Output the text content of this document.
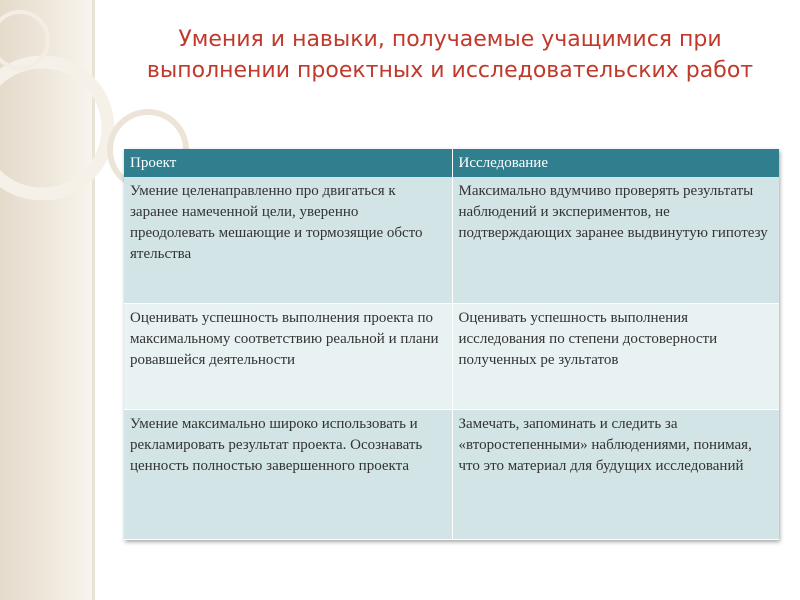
Умения и навыки, получаемые учащимися при выполнении проектных и исследовательских работ
Проект	Исследование
Умение целенаправленно про двигаться к заранее намеченной цели, уверенно преодолевать мешающие и тормозящие обсто ятельства	Максимально вдумчиво проверять результаты наблюдений и экспериментов, не подтверждающих заранее выдвинутую гипотезу
Оценивать успешность выполнения проекта по максимальному соответствию реальной и плани ровавшейся деятельности	Оценивать успешность выполнения исследования по степени достоверности полученных ре зультатов
Умение максимально широко использовать и рекламировать результат проекта. Осознавать ценность полностью завершенного проекта	Замечать, запоминать и следить за «второстепенными» наблюдениями, понимая, что это материал для будущих исследований
